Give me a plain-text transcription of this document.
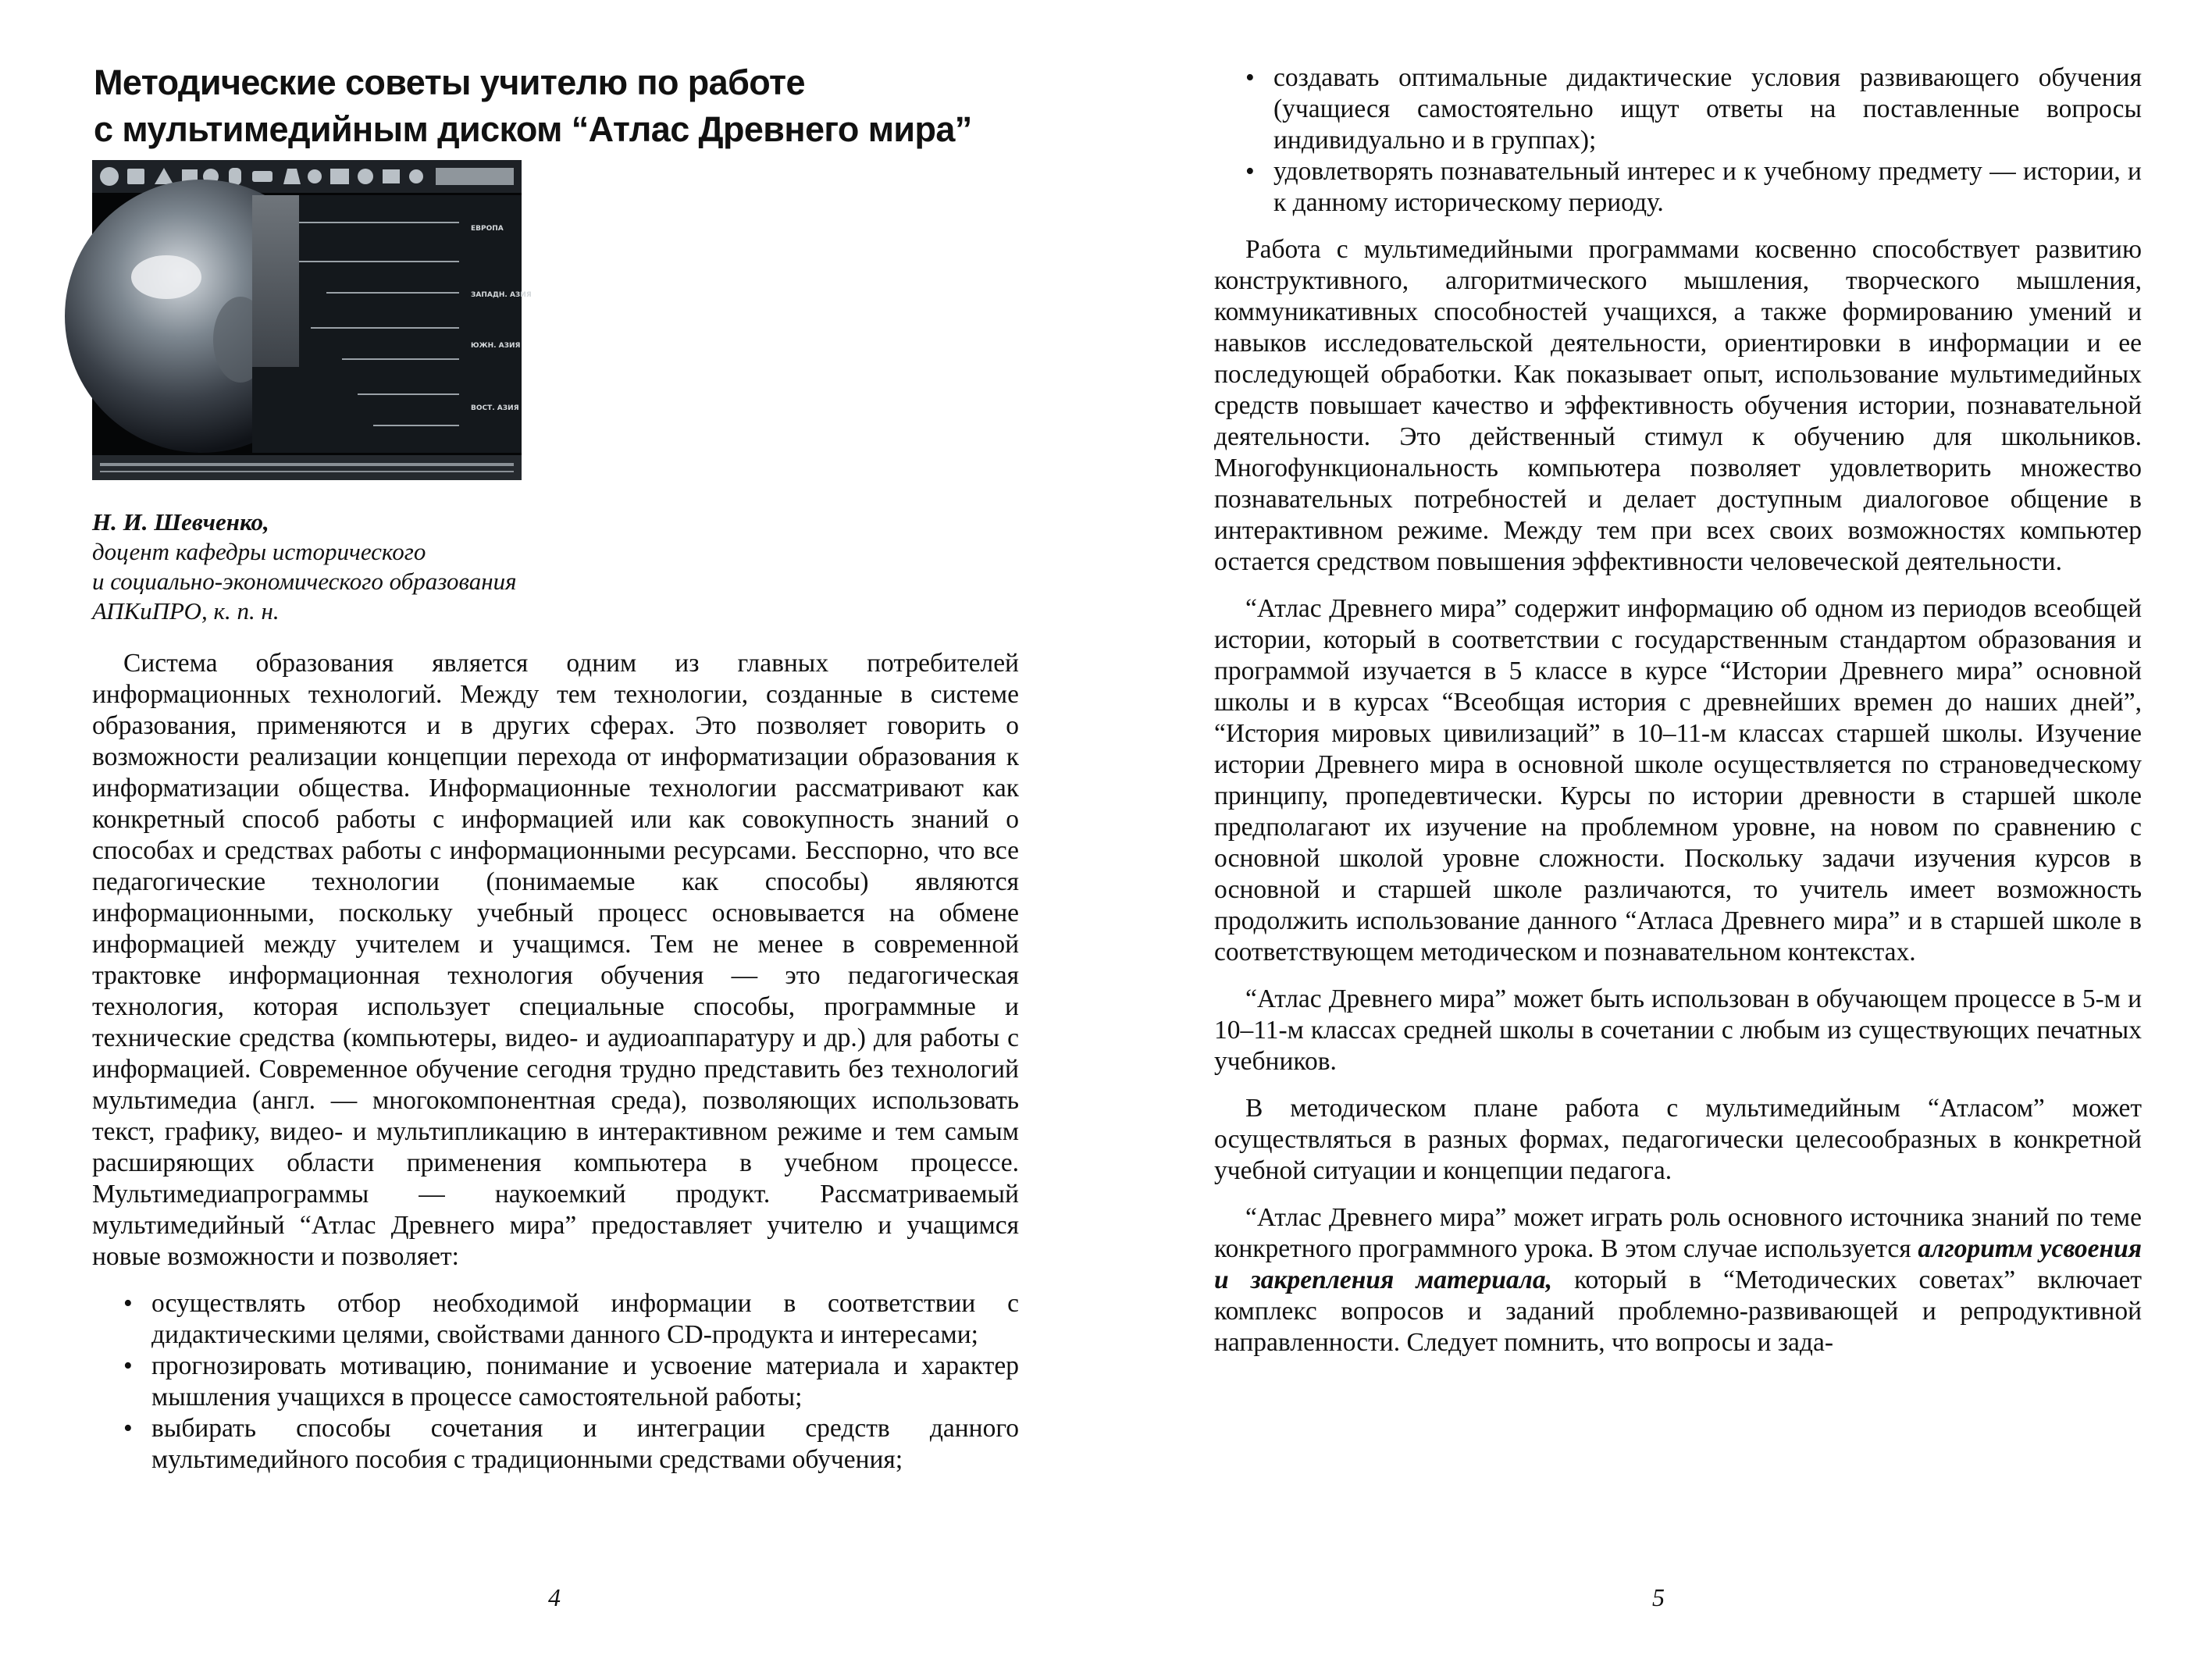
Методические советы учителю по работе
с мультимедийным диском “Атлас Древнего мира”
ЕВРОПА
ЗАПАДН. АЗИЯ
ЮЖН. АЗИЯ
ВОСТ. АЗИЯ
Н. И. Шевченко,
доцент кафедры исторического
и социально-экономического образования
АПКиПРО, к. п. н.

Система образования является одним из главных потребителей информационных технологий. Между тем технологии, созданные в системе образования, применяются и в других сферах. Это позволяет говорить о возможности реализации концепции перехода от информатизации образования к информатизации общества. Информационные технологии рассматривают как конкретный способ работы с информацией или как совокупность знаний о способах и средствах работы с информационными ресурсами. Бесспорно, что все педагогические технологии (понимаемые как способы) являются информационными, поскольку учебный процесс основывается на обмене информацией между учителем и учащимся. Тем не менее в современной трактовке информационная технология обучения — это педагогическая технология, которая использует специальные способы, программные и технические средства (компьютеры, видео- и аудиоаппаратуру и др.) для работы с информацией. Современное обучение сегодня трудно представить без технологий мультимедиа (англ. — многокомпонентная среда), позволяющих использовать текст, графику, видео- и мультипликацию в интерактивном режиме и тем самым расширяющих области применения компьютера в учебном процессе. Мультимедиапрограммы — наукоемкий продукт. Рассматриваемый мультимедийный “Атлас Древнего мира” предоставляет учителю и учащимся новые возможности и позволяет:

• осуществлять отбор необходимой информации в соответствии с дидактическими целями, свойствами данного CD-продукта и интересами;
• прогнозировать мотивацию, понимание и усвоение материала и характер мышления учащихся в процессе самостоятельной работы;
• выбирать способы сочетания и интеграции средств данного мультимедийного пособия с традиционными средствами обучения;
4
• создавать оптимальные дидактические условия развивающего обучения (учащиеся самостоятельно ищут ответы на поставленные вопросы индивидуально и в группах);
• удовлетворять познавательный интерес и к учебному предмету — истории, и к данному историческому периоду.

Работа с мультимедийными программами косвенно способствует развитию конструктивного, алгоритмического мышления, творческого мышления, коммуникативных способностей учащихся, а также формированию умений и навыков исследовательской деятельности, ориентировки в информации и ее последующей обработки. Как показывает опыт, использование мультимедийных средств повышает качество и эффективность обучения истории, познавательной деятельности. Это действенный стимул к обучению для школьников. Многофункциональность компьютера позволяет удовлетворить множество познавательных потребностей и делает доступным диалоговое общение в интерактивном режиме. Между тем при всех своих возможностях компьютер остается средством повышения эффективности человеческой деятельности.

“Атлас Древнего мира” содержит информацию об одном из периодов всеобщей истории, который в соответствии с государственным стандартом образования и программой изучается в 5 классе в курсе “Истории Древнего мира” основной школы и в курсах “Всеобщая история с древнейших времен до наших дней”, “История мировых цивилизаций” в 10–11-м классах старшей школы. Изучение истории Древнего мира в основной школе осуществляется по страноведческому принципу, пропедевтически. Курсы по истории древности в старшей школе предполагают их изучение на проблемном уровне, на новом по сравнению с основной школой уровне сложности. Поскольку задачи изучения курсов в основной и старшей школе различаются, то учитель имеет возможность продолжить использование данного “Атласа Древнего мира” и в старшей школе в соответствующем методическом и познавательном контекстах.

“Атлас Древнего мира” может быть использован в обучающем процессе в 5-м и 10–11-м классах средней школы в сочетании с любым из существующих печатных учебников.

В методическом плане работа с мультимедийным “Атласом” может осуществляться в разных формах, педагогически целесообразных в конкретной учебной ситуации и концепции педагога.

“Атлас Древнего мира” может играть роль основного источника знаний по теме конкретного программного урока. В этом случае используется алгоритм усвоения и закрепления материала, который в “Методических советах” включает комплекс вопросов и заданий проблемно-развивающей и репродуктивной направленности. Следует помнить, что вопросы и зада-

5
